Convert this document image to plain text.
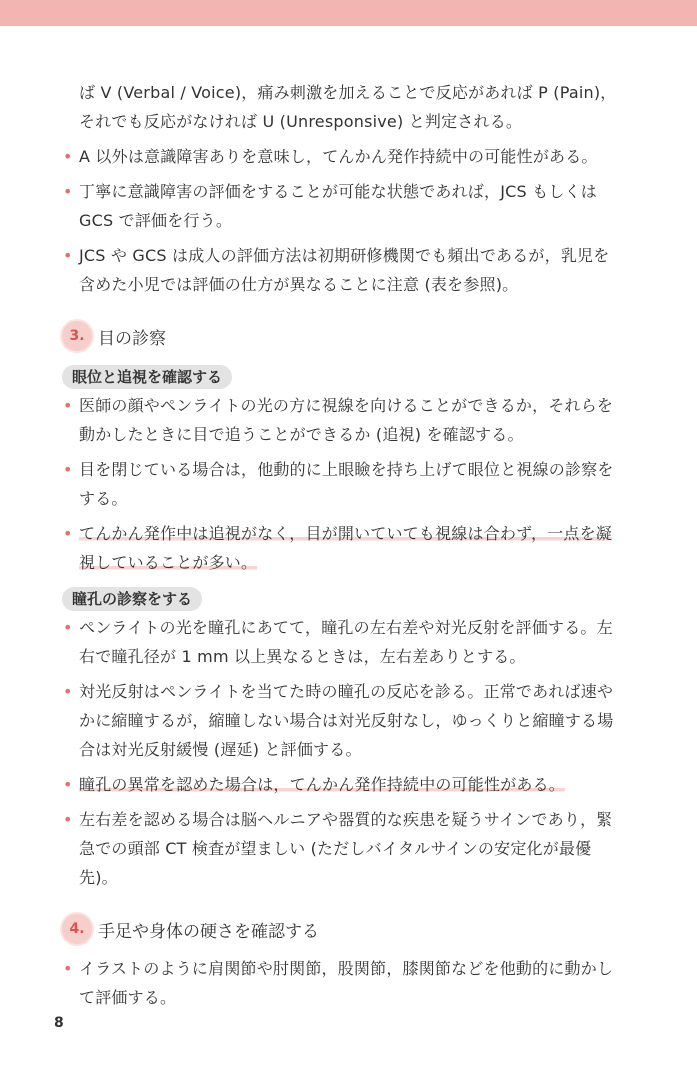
ば V (Verbal / Voice)，痛み刺激を加えることで反応があれば P (Pain)，
それでも反応がなければ U (Unresponsive) と判定される。
• A 以外は意識障害ありを意味し，てんかん発作持続中の可能性がある。
• 丁寧に意識障害の評価をすることが可能な状態であれば，JCS もしくは GCS で評価を行う。
• JCS や GCS は成人の評価方法は初期研修機関でも頻出であるが，乳児を含めた小児では評価の仕方が異なることに注意 (表を参照)。
3. 目の診察
眼位と追視を確認する
• 医師の顔やペンライトの光の方に視線を向けることができるか，それらを動かしたときに目で追うことができるか (追視) を確認する。
• 目を閉じている場合は，他動的に上眼瞼を持ち上げて眼位と視線の診察をする。
• てんかん発作中は追視がなく，目が開いていても視線は合わず，一点を凝視していることが多い。
瞳孔の診察をする
• ペンライトの光を瞳孔にあてて，瞳孔の左右差や対光反射を評価する。左右で瞳孔径が 1 mm 以上異なるときは，左右差ありとする。
• 対光反射はペンライトを当てた時の瞳孔の反応を診る。正常であれば速やかに縮瞳するが，縮瞳しない場合は対光反射なし，ゆっくりと縮瞳する場合は対光反射緩慢 (遅延) と評価する。
• 瞳孔の異常を認めた場合は，てんかん発作持続中の可能性がある。
• 左右差を認める場合は脳ヘルニアや器質的な疾患を疑うサインであり，緊急での頭部 CT 検査が望ましい (ただしバイタルサインの安定化が最優先)。
4. 手足や身体の硬さを確認する
• イラストのように肩関節や肘関節，股関節，膝関節などを他動的に動かして評価する。
8
